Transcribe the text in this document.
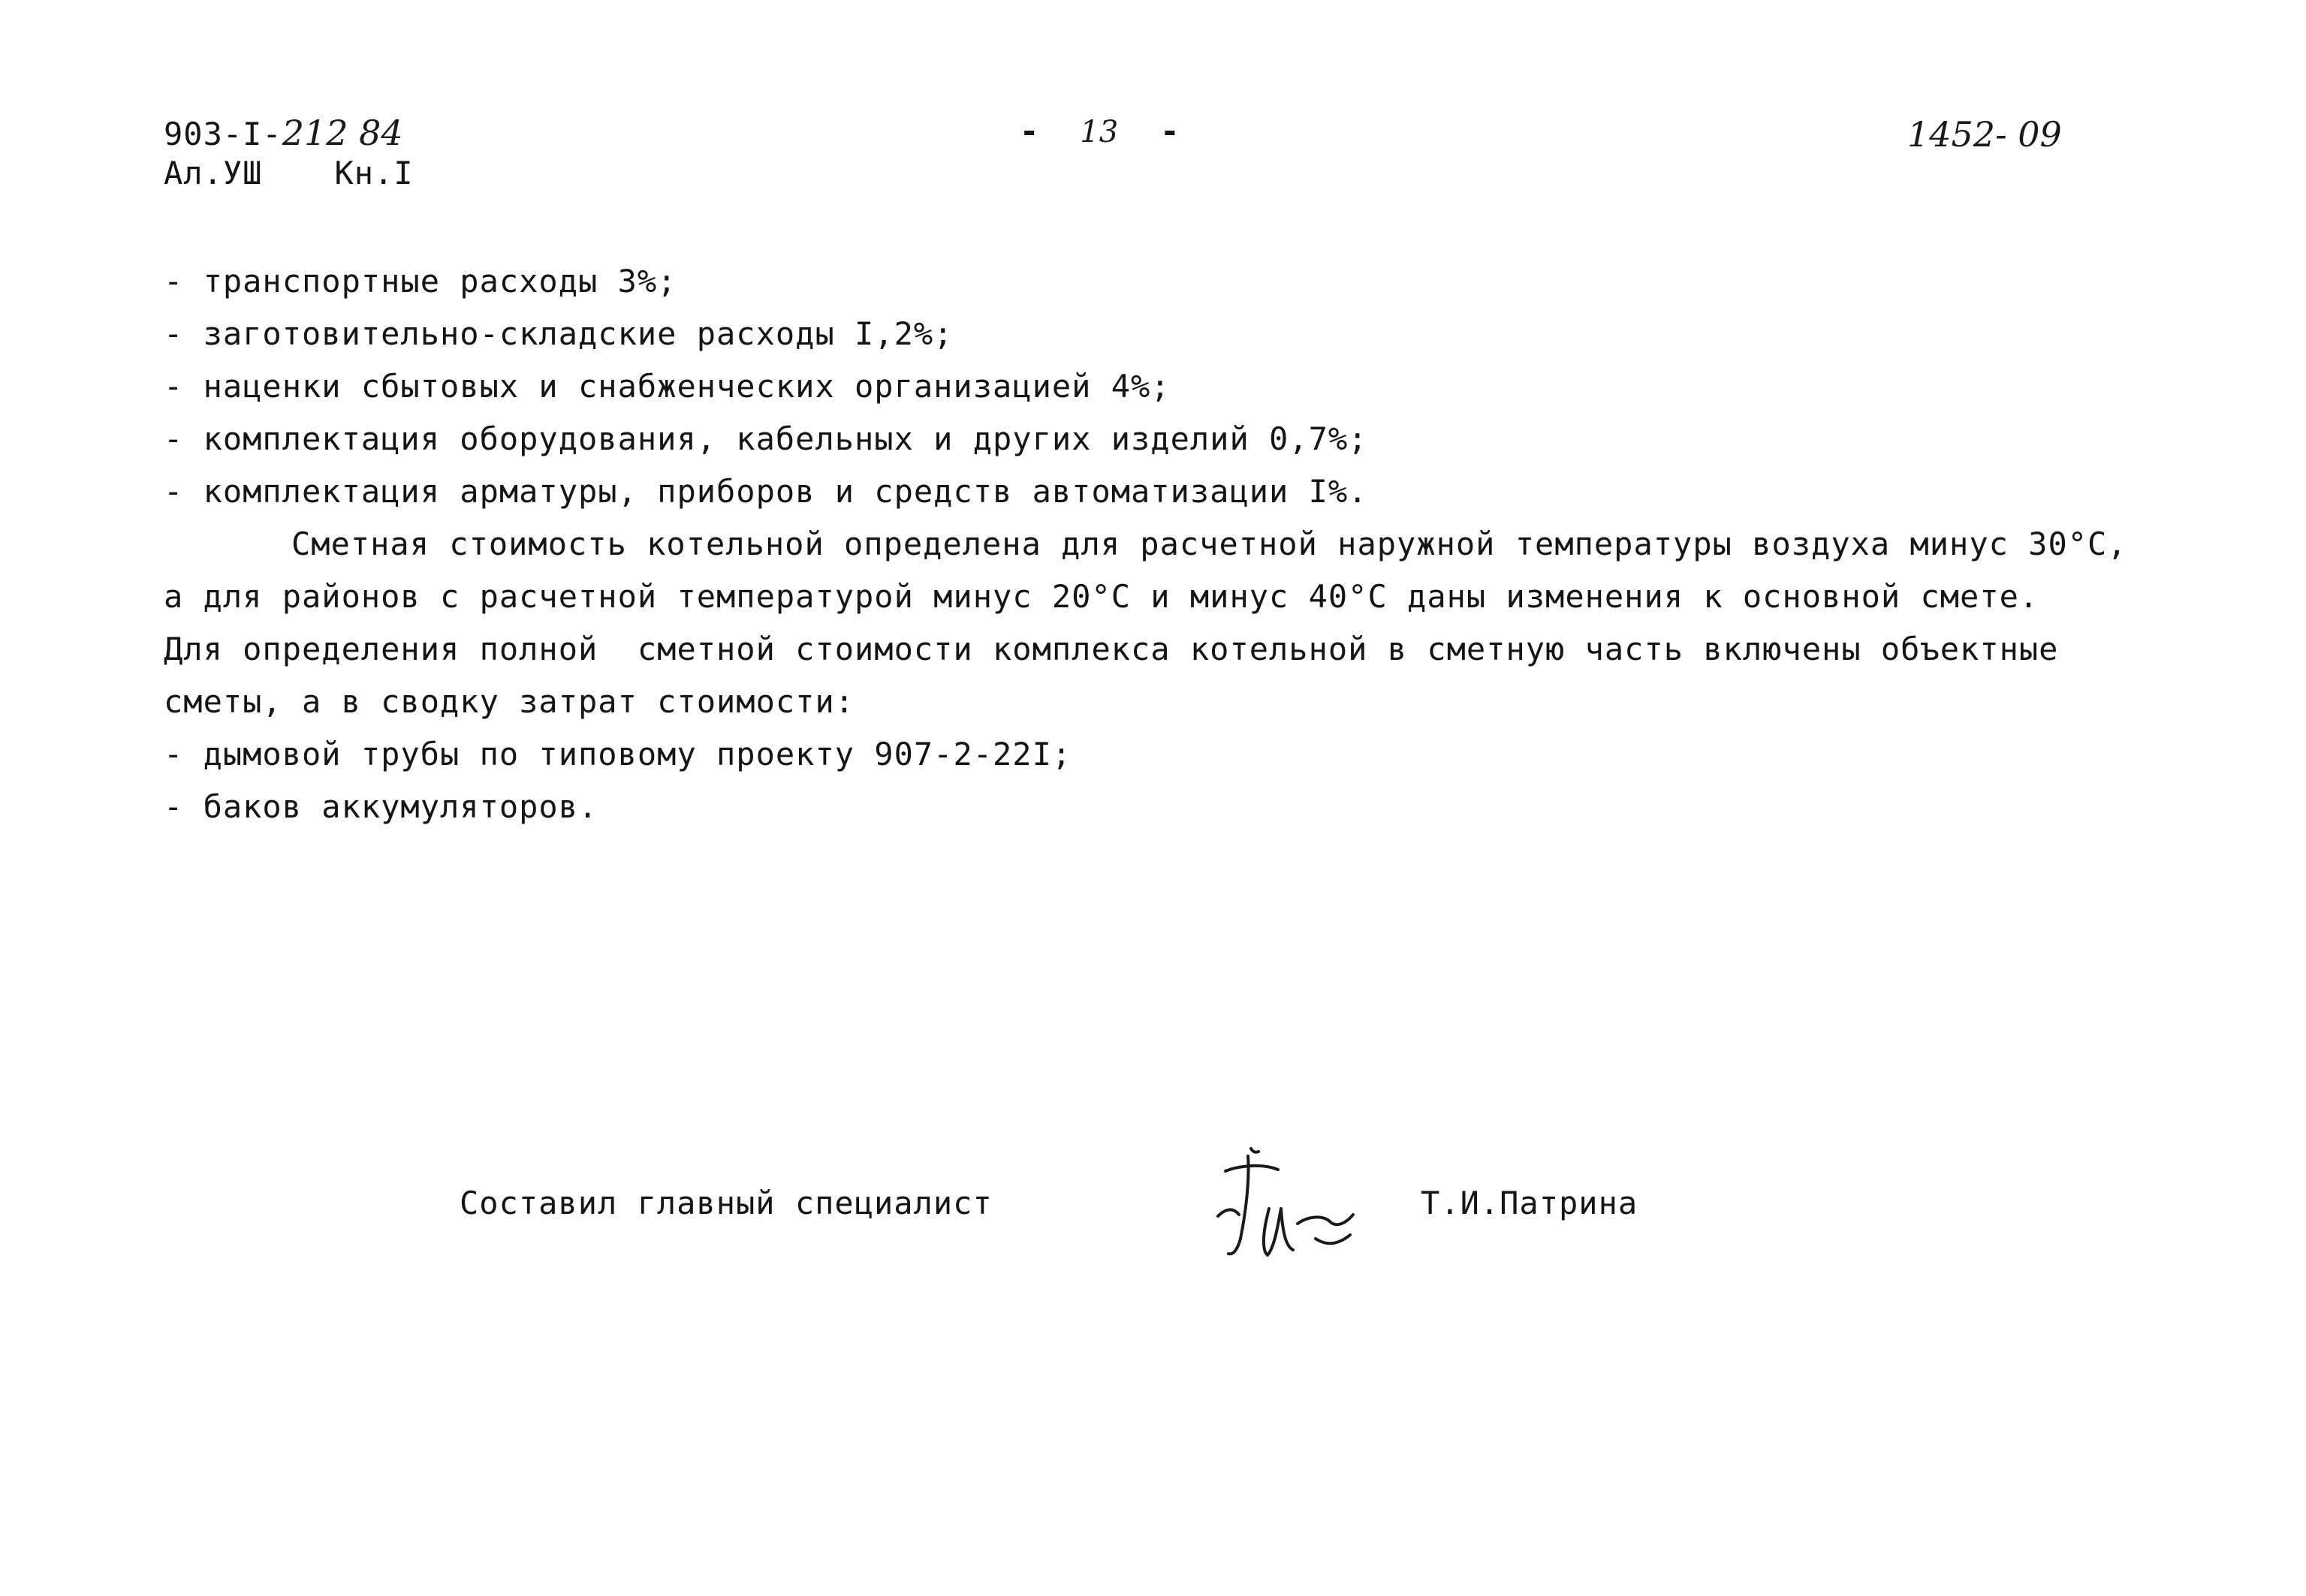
903-I- 212 84
Ал.УШ Кн.I
- 13 -	1452- 09
- транспортные расходы 3%;
- заготовительно-складские расходы I,2%;
- наценки сбытовых и снабженческих организацией 4%;
- комплектация оборудования, кабельных и других изделий 0,7%;
- комплектация арматуры, приборов и средств автоматизации I%.
Сметная стоимость котельной определена для расчетной наружной температуры воздуха минус 30°С,
а для районов с расчетной температурой минус 20°С и минус 40°С даны изменения к основной смете.
Для определения полной  сметной стоимости комплекса котельной в сметную часть включены объектные
сметы, а в сводку затрат стоимости:
- дымовой трубы по типовому проекту 907-2-22I;
- баков аккумуляторов.
Составил главный специалист	Т.И.Патрина
